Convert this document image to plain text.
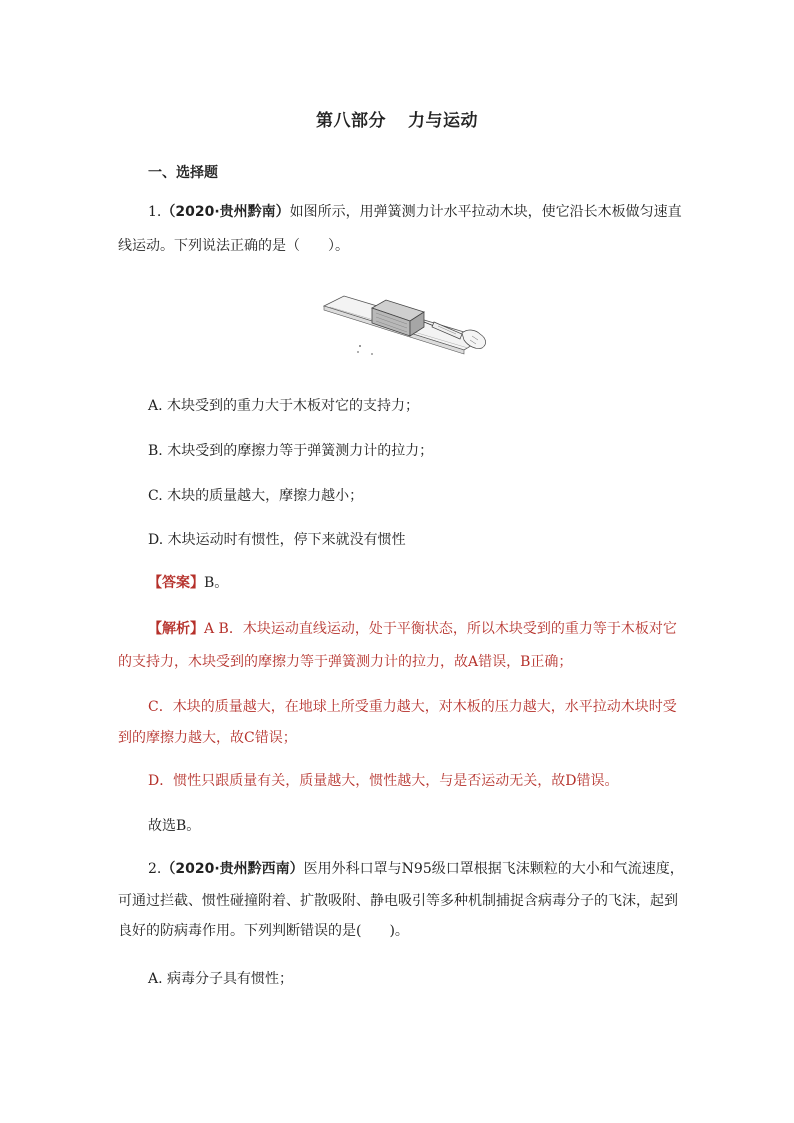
第八部分 力与运动
一、选择题
1.（2020·贵州黔南）如图所示，用弹簧测力计水平拉动木块，使它沿长木板做匀速直
线运动。下列说法正确的是（　　）。
A. 木块受到的重力大于木板对它的支持力；
B. 木块受到的摩擦力等于弹簧测力计的拉力；
C. 木块的质量越大，摩擦力越小；
D. 木块运动时有惯性，停下来就没有惯性
【答案】B。
【解析】A B．木块运动直线运动，处于平衡状态，所以木块受到的重力等于木板对它
的支持力，木块受到的摩擦力等于弹簧测力计的拉力，故A错误，B正确；
C．木块的质量越大，在地球上所受重力越大，对木板的压力越大，水平拉动木块时受
到的摩擦力越大，故C错误；
D．惯性只跟质量有关，质量越大，惯性越大，与是否运动无关，故D错误。
故选B。
2.（2020·贵州黔西南）医用外科口罩与N95级口罩根据飞沫颗粒的大小和气流速度，
可通过拦截、惯性碰撞附着、扩散吸附、静电吸引等多种机制捕捉含病毒分子的飞沫，起到
良好的防病毒作用。下列判断错误的是(　　)。
A. 病毒分子具有惯性；
